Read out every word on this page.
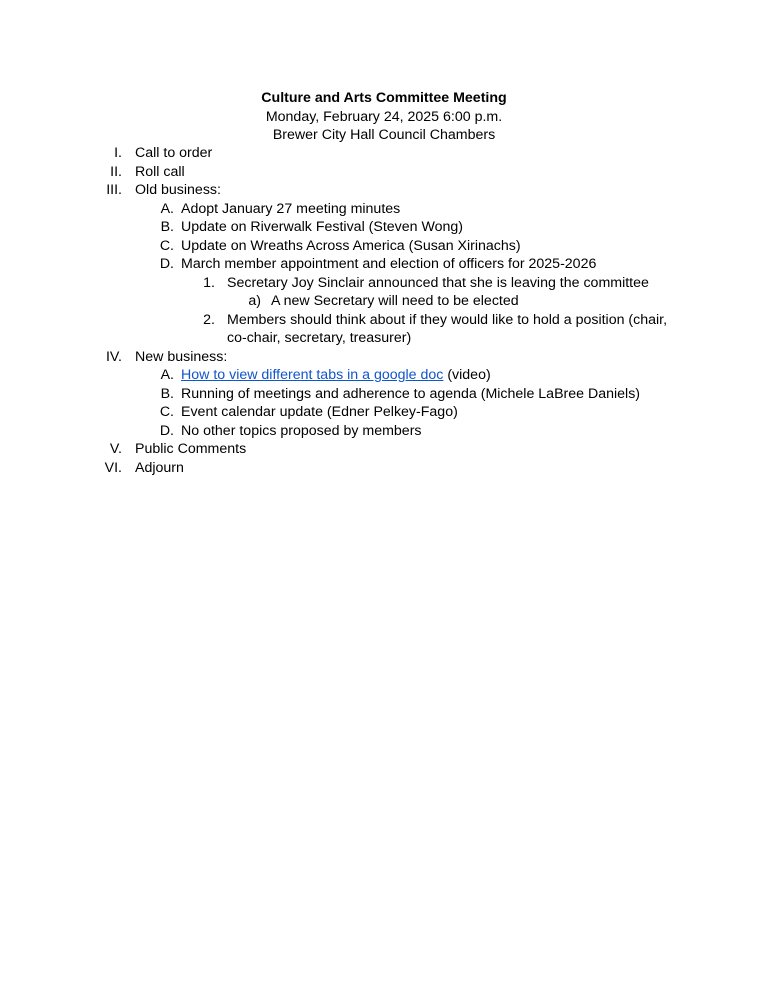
Culture and Arts Committee Meeting
Monday, February 24, 2025 6:00 p.m.
Brewer City Hall Council Chambers
I. Call to order
II. Roll call
III. Old business:
A. Adopt January 27 meeting minutes
B. Update on Riverwalk Festival (Steven Wong)
C. Update on Wreaths Across America (Susan Xirinachs)
D. March member appointment and election of officers for 2025-2026
1. Secretary Joy Sinclair announced that she is leaving the committee
a) A new Secretary will need to be elected
2. Members should think about if they would like to hold a position (chair,
co-chair, secretary, treasurer)
IV. New business:
A. How to view different tabs in a google doc (video)
B. Running of meetings and adherence to agenda (Michele LaBree Daniels)
C. Event calendar update (Edner Pelkey-Fago)
D. No other topics proposed by members
V. Public Comments
VI. Adjourn
